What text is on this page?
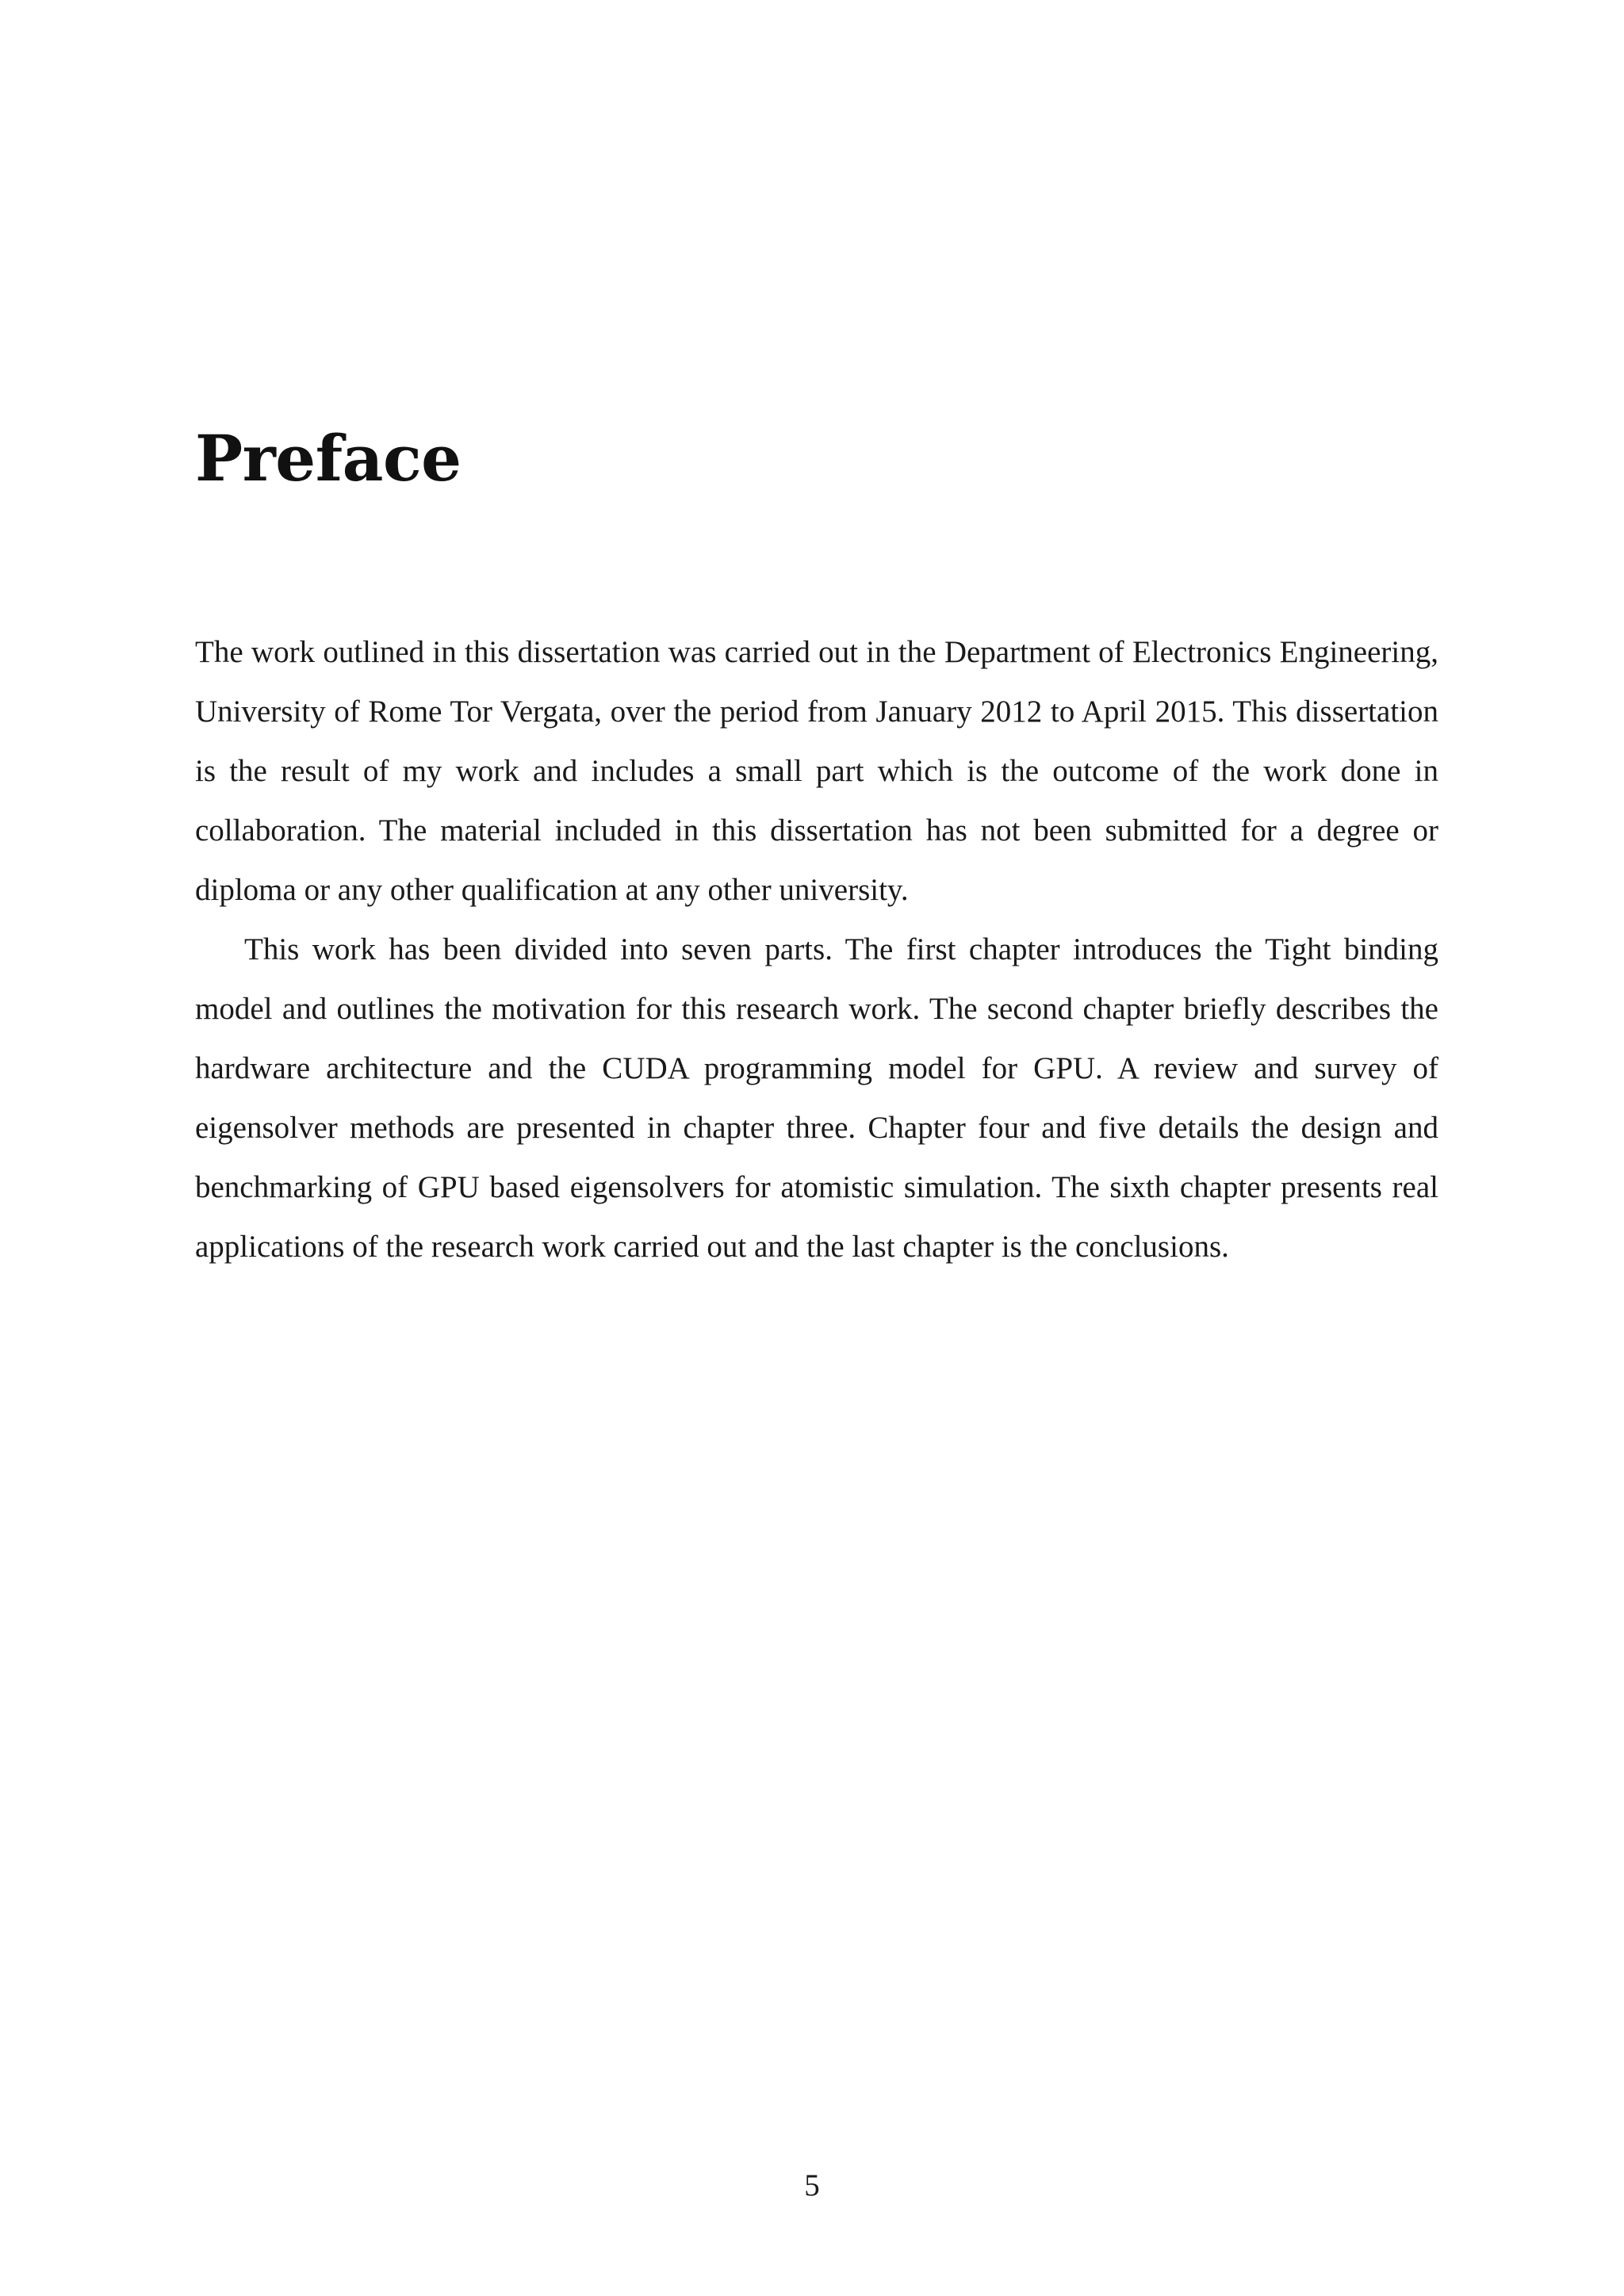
Preface

The work outlined in this dissertation was carried out in the Department of Electronics Engineering, University of Rome Tor Vergata, over the period from January 2012 to April 2015. This dissertation is the result of my work and includes a small part which is the outcome of the work done in collaboration. The material included in this dissertation has not been submitted for a degree or diploma or any other qualification at any other university.

This work has been divided into seven parts. The first chapter introduces the Tight binding model and outlines the motivation for this research work. The second chapter briefly describes the hardware architecture and the CUDA programming model for GPU. A review and survey of eigensolver methods are presented in chapter three. Chapter four and five details the design and benchmarking of GPU based eigensolvers for atomistic simulation. The sixth chapter presents real applications of the research work carried out and the last chapter is the conclusions.

5
